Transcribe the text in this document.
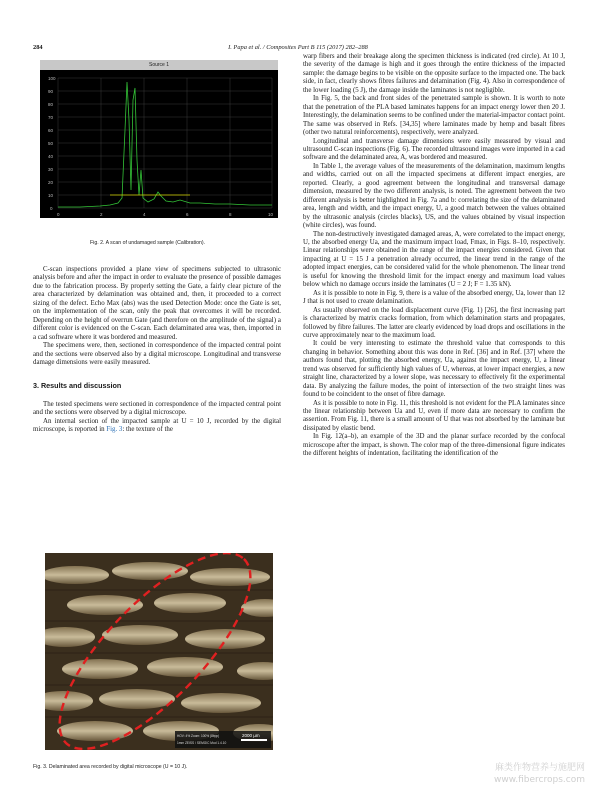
284	I. Papa et al. / Composites Part B 115 (2017) 282–288
Source 1
100
90
80
70
60
50
40
30
20
10
0
0	2	4	6	8	10
Fig. 2. A scan of undamaged sample (Calibration).

C-scan inspections provided a plane view of specimens subjected to ultrasonic analysis before and after the impact in order to evaluate the presence of possible damages due to the fabrication process. By properly setting the Gate, a fairly clear picture of the area characterized by delamination was obtained and, then, it proceeded to a correct sizing of the defect. Echo Max (abs) was the used Detection Mode: once the Gate is set, on the implementation of the scan, only the peak that overcomes it will be recorded. Depending on the height of overrun Gate (and therefore on the amplitude of the signal) a different color is evidenced on the C-scan. Each delaminated area was, then, imported in a cad software where it was bordered and measured.

The specimens were, then, sectioned in correspondence of the impacted central point and the sections were observed also by a digital microscope. Longitudinal and transverse damage dimensions were easily measured.

3. Results and discussion

The tested specimens were sectioned in correspondence of the impacted central point and the sections were observed by a digital microscope.

An internal section of the impacted sample at U = 10 J, recorded by the digital microscope, is reported in Fig. 3: the texture of the

2000 µm
HOV: 4% Zoom: 100% (8bpp)
1mm ZEISS / SEMGIC Mod 1.4.10
Fig. 3. Delaminated area recorded by digital microscope (U = 10 J).

warp fibers and their breakage along the specimen thickness is indicated (red circle). At 10 J, the severity of the damage is high and it goes through the entire thickness of the impacted sample: the damage begins to be visible on the opposite surface to the impacted one. The back side, in fact, clearly shows fibres failures and delamination (Fig. 4). Also in correspondence of the lower loading (5 J), the damage inside the laminates is not negligible.

In Fig. 5, the back and front sides of the penetrated sample is shown. It is worth to note that the penetration of the PLA based laminates happens for an impact energy lower then 20 J. Interestingly, the delamination seems to be confined under the material-impactor contact point. The same was observed in Refs. [34,35] where laminates made by hemp and basalt fibres (other two natural reinforcements), respectively, were analyzed.

Longitudinal and transverse damage dimensions were easily measured by visual and ultrasound C-scan inspections (Fig. 6). The recorded ultrasound images were imported in a cad software and the delaminated area, A, was bordered and measured.

In Table 1, the average values of the measurements of the delamination, maximum lengths and widths, carried out on all the impacted specimens at different impact energies, are reported. Clearly, a good agreement between the longitudinal and transversal damage dimension, measured by the two different analysis, is noted. The agreement between the two different analysis is better highlighted in Fig. 7a and b: correlating the size of the delaminated area, length and width, and the impact energy, U, a good match between the values obtained by the ultrasonic analysis (circles blacks), US, and the values obtained by visual inspection (white circles), was found.

The non-destructively investigated damaged areas, A, were correlated to the impact energy, U, the absorbed energy Ua, and the maximum impact load, Fmax, in Figs. 8–10, respectively. Linear relationships were obtained in the range of the impact energies considered. Given that impacting at U = 15 J a penetration already occurred, the linear trend in the range of the adopted impact energies, can be considered valid for the whole phenomenon. The linear trend is useful for knowing the threshold limit for the impact energy and maximum load values below which no damage occurs inside the laminates (U = 2 J; F = 1.35 kN).

As it is possible to note in Fig. 9, there is a value of the absorbed energy, Ua, lower than 12 J that is not used to create delamination.

As usually observed on the load displacement curve (Fig. 1) [26], the first increasing part is characterized by matrix cracks formation, from which delamination starts and propagates, followed by fibre failures. The latter are clearly evidenced by load drops and oscillations in the curve approximately near to the maximum load.

It could be very interesting to estimate the threshold value that corresponds to this changing in behavior. Something about this was done in Ref. [36] and in Ref. [37] where the authors found that, plotting the absorbed energy, Ua, against the impact energy, U, a linear trend was observed for sufficiently high values of U, whereas, at lower impact energies, a new straight line, characterized by a lower slope, was necessary to effectively fit the experimental data. By analyzing the failure modes, the point of intersection of the two straight lines was found to be coincident to the onset of fibre damage.

As it is possible to note in Fig. 11, this threshold is not evident for the PLA laminates since the linear relationship between Ua and U, even if more data are necessary to confirm the assertion. From Fig. 11, there is a small amount of U that was not absorbed by the laminate but dissipated by elastic bend.

In Fig. 12(a–b), an example of the 3D and the planar surface recorded by the confocal microscope after the impact, is shown. The color map of the three-dimensional figure indicates the different heights of indentation, facilitating the identification of the

麻类作物营养与施肥网
www.fibercrops.com
